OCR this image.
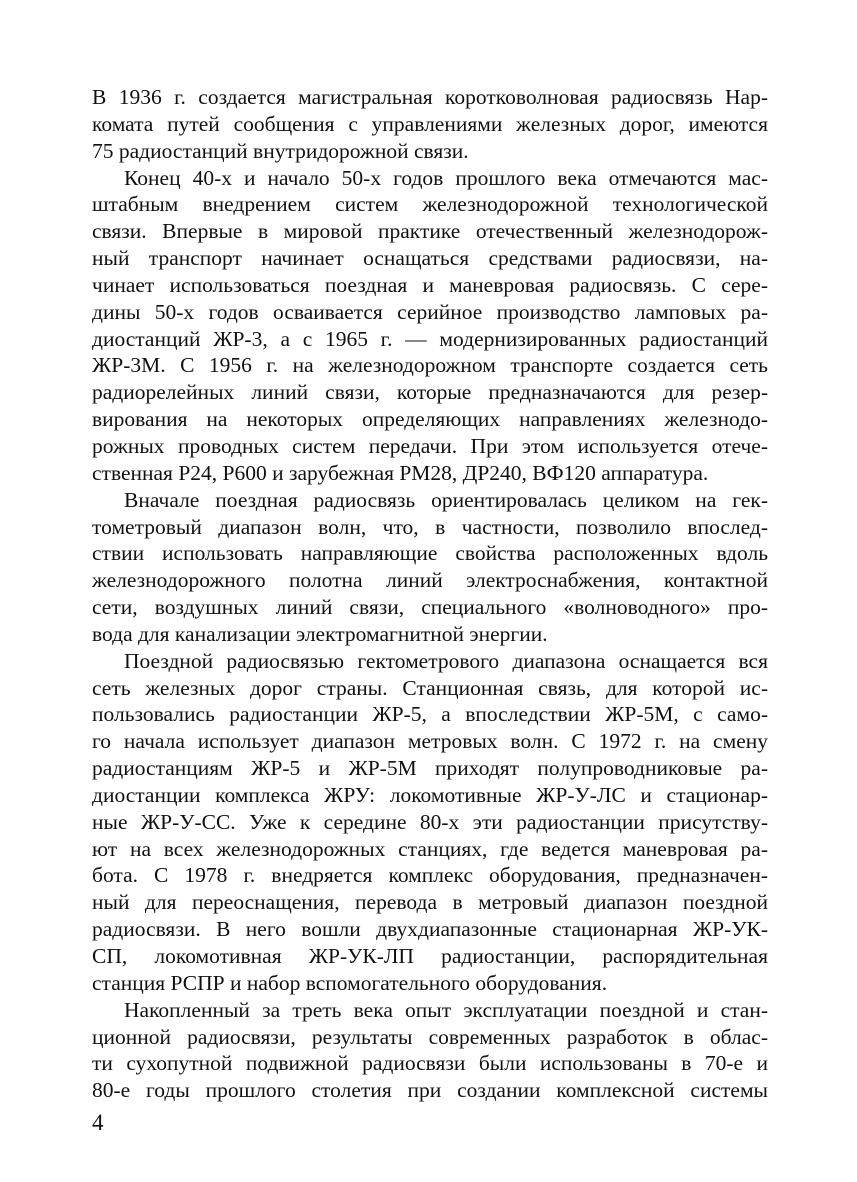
В 1936 г. создается магистральная коротковолновая радиосвязь Нар-
комата путей сообщения с управлениями железных дорог, имеются
75 радиостанций внутридорожной связи.
Конец 40-х и начало 50-х годов прошлого века отмечаются мас-
штабным внедрением систем железнодорожной технологической
связи. Впервые в мировой практике отечественный железнодорож-
ный транспорт начинает оснащаться средствами радиосвязи, на-
чинает использоваться поездная и маневровая радиосвязь. С сере-
дины 50-х годов осваивается серийное производство ламповых ра-
диостанций ЖР-3, а с 1965 г. — модернизированных радиостанций
ЖР-3М. С 1956 г. на железнодорожном транспорте создается сеть
радиорелейных линий связи, которые предназначаются для резер-
вирования на некоторых определяющих направлениях железнодо-
рожных проводных систем передачи. При этом используется отече-
ственная Р24, Р600 и зарубежная РМ28, ДР240, ВФ120 аппаратура.
Вначале поездная радиосвязь ориентировалась целиком на гек-
тометровый диапазон волн, что, в частности, позволило впослед-
ствии использовать направляющие свойства расположенных вдоль
железнодорожного полотна линий электроснабжения, контактной
сети, воздушных линий связи, специального «волноводного» про-
вода для канализации электромагнитной энергии.
Поездной радиосвязью гектометрового диапазона оснащается вся
сеть железных дорог страны. Станционная связь, для которой ис-
пользовались радиостанции ЖР-5, а впоследствии ЖР-5М, с само-
го начала использует диапазон метровых волн. С 1972 г. на смену
радиостанциям ЖР-5 и ЖР-5М приходят полупроводниковые ра-
диостанции комплекса ЖРУ: локомотивные ЖР-У-ЛС и стационар-
ные ЖР-У-СС. Уже к середине 80-х эти радиостанции присутству-
ют на всех железнодорожных станциях, где ведется маневровая ра-
бота. С 1978 г. внедряется комплекс оборудования, предназначен-
ный для переоснащения, перевода в метровый диапазон поездной
радиосвязи. В него вошли двухдиапазонные стационарная ЖР-УК-
СП, локомотивная ЖР-УК-ЛП радиостанции, распорядительная
станция РСПР и набор вспомогательного оборудования.
Накопленный за треть века опыт эксплуатации поездной и стан-
ционной радиосвязи, результаты современных разработок в облас-
ти сухопутной подвижной радиосвязи были использованы в 70-е и
80-е годы прошлого столетия при создании комплексной системы
4
